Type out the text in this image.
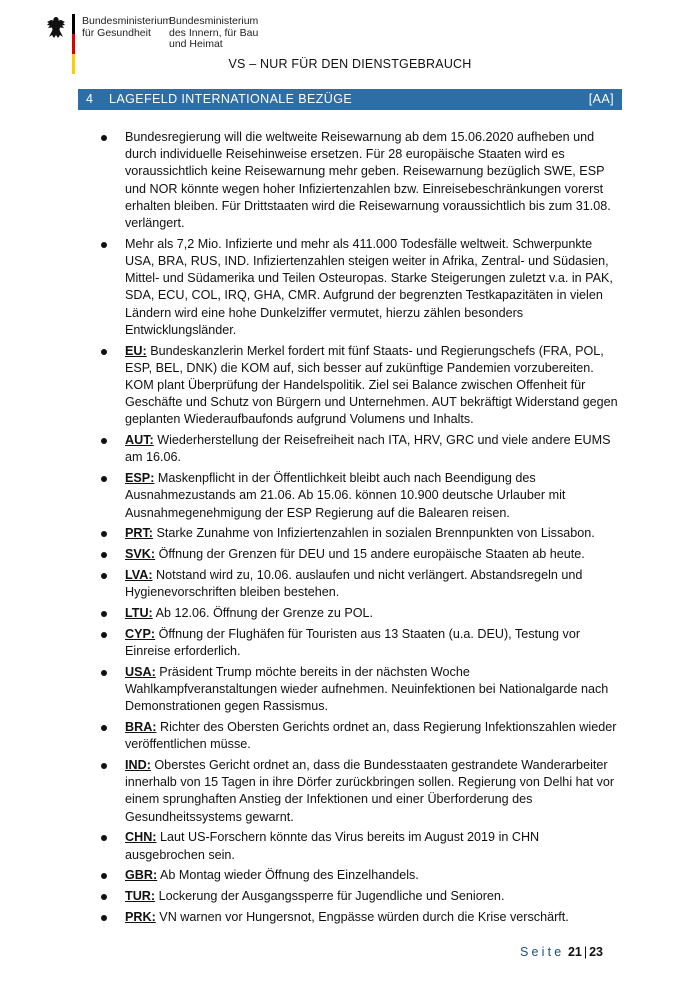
Bundesministerium
für Gesundheit
Bundesministerium
des Innern, für Bau
und Heimat
VS – NUR FÜR DEN DIENSTGEBRAUCH
4 LAGEFELD INTERNATIONALE BEZÜGE	[AA]
Bundesregierung will die weltweite Reisewarnung ab dem 15.06.2020 aufheben und durch individuelle Reisehinweise ersetzen. Für 28 europäische Staaten wird es voraussichtlich keine Reisewarnung mehr geben. Reisewarnung bezüglich SWE, ESP und NOR könnte wegen hoher Infiziertenzahlen bzw. Einreisebeschränkungen vorerst erhalten bleiben. Für Drittstaaten wird die Reisewarnung voraussichtlich bis zum 31.08. verlängert.
Mehr als 7,2 Mio. Infizierte und mehr als 411.000 Todesfälle weltweit. Schwerpunkte USA, BRA, RUS, IND. Infiziertenzahlen steigen weiter in Afrika, Zentral- und Südasien, Mittel- und Südamerika und Teilen Osteuropas. Starke Steigerungen zuletzt v.a. in PAK, SDA, ECU, COL, IRQ, GHA, CMR. Aufgrund der begrenzten Testkapazitäten in vielen Ländern wird eine hohe Dunkelziffer vermutet, hierzu zählen besonders Entwicklungsländer.
EU: Bundeskanzlerin Merkel fordert mit fünf Staats- und Regierungschefs (FRA, POL, ESP, BEL, DNK) die KOM auf, sich besser auf zukünftige Pandemien vorzubereiten. KOM plant Überprüfung der Handelspolitik. Ziel sei Balance zwischen Offenheit für Geschäfte und Schutz von Bürgern und Unternehmen. AUT bekräftigt Widerstand gegen geplanten Wiederaufbaufonds aufgrund Volumens und Inhalts.
AUT: Wiederherstellung der Reisefreiheit nach ITA, HRV, GRC und viele andere EUMS am 16.06.
ESP: Maskenpflicht in der Öffentlichkeit bleibt auch nach Beendigung des Ausnahmezustands am 21.06. Ab 15.06. können 10.900 deutsche Urlauber mit Ausnahmegenehmigung der ESP Regierung auf die Balearen reisen.
PRT: Starke Zunahme von Infiziertenzahlen in sozialen Brennpunkten von Lissabon.
SVK: Öffnung der Grenzen für DEU und 15 andere europäische Staaten ab heute.
LVA: Notstand wird zu, 10.06. auslaufen und nicht verlängert. Abstandsregeln und Hygienevorschriften bleiben bestehen.
LTU: Ab 12.06. Öffnung der Grenze zu POL.
CYP: Öffnung der Flughäfen für Touristen aus 13 Staaten (u.a. DEU), Testung vor Einreise erforderlich.
USA: Präsident Trump möchte bereits in der nächsten Woche Wahlkampfveranstaltungen wieder aufnehmen. Neuinfektionen bei Nationalgarde nach Demonstrationen gegen Rassismus.
BRA: Richter des Obersten Gerichts ordnet an, dass Regierung Infektionszahlen wieder veröffentlichen müsse.
IND: Oberstes Gericht ordnet an, dass die Bundesstaaten gestrandete Wanderarbeiter innerhalb von 15 Tagen in ihre Dörfer zurückbringen sollen. Regierung von Delhi hat vor einem sprunghaften Anstieg der Infektionen und einer Überforderung des Gesundheitssystems gewarnt.
CHN: Laut US-Forschern könnte das Virus bereits im August 2019 in CHN ausgebrochen sein.
GBR: Ab Montag wieder Öffnung des Einzelhandels.
TUR: Lockerung der Ausgangssperre für Jugendliche und Senioren.
PRK: VN warnen vor Hungersnot, Engpässe würden durch die Krise verschärft.
Seite 21 | 23
